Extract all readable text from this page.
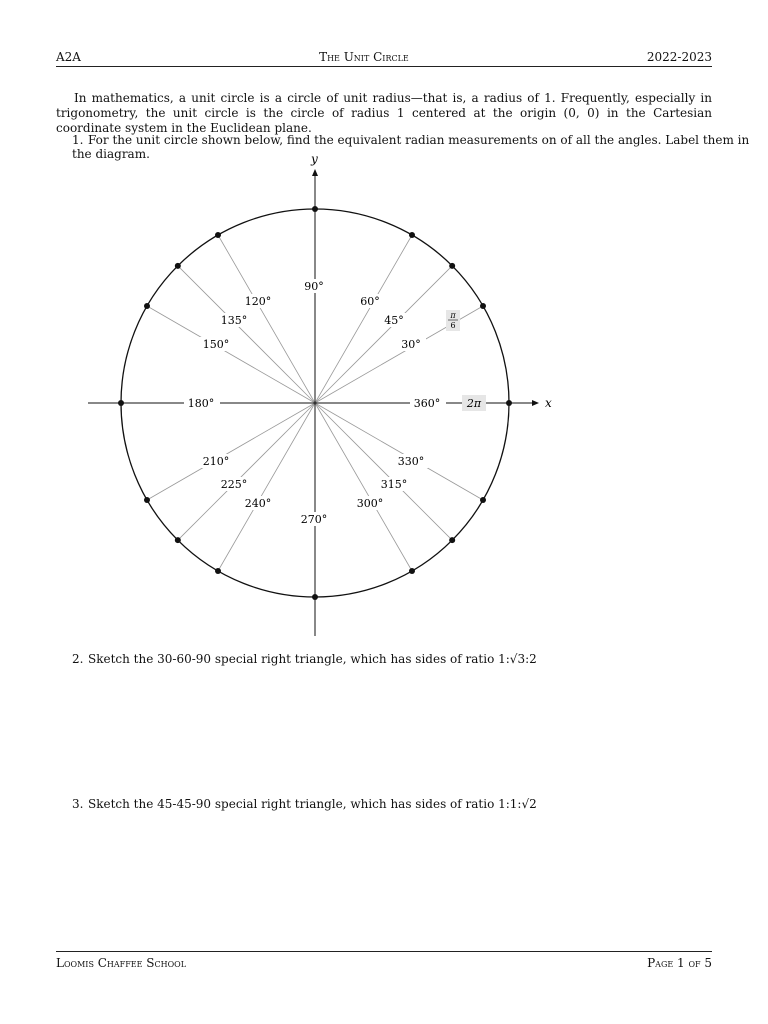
A2A	The Unit Circle	2022-2023
In mathematics, a unit circle is a circle of unit radius—that is, a radius of 1. Frequently, especially in trigonometry, the unit circle is the circle of radius 1 centered at the origin (0, 0) in the Cartesian coordinate system in the Euclidean plane.
1. For the unit circle shown below, find the equivalent radian measurements on of all the angles. Label them in the diagram.
2. Sketch the 30-60-90 special right triangle, which has sides of ratio 1:√3:2
3. Sketch the 45-45-90 special right triangle, which has sides of ratio 1:1:√2
x
y
90°
60°
120°
45°
135°
30°
150°
180°	360°
210°	330°
225°	315°
240°	300°
270°
2π
π
6
Loomis Chaffee School	Page 1 of 5
